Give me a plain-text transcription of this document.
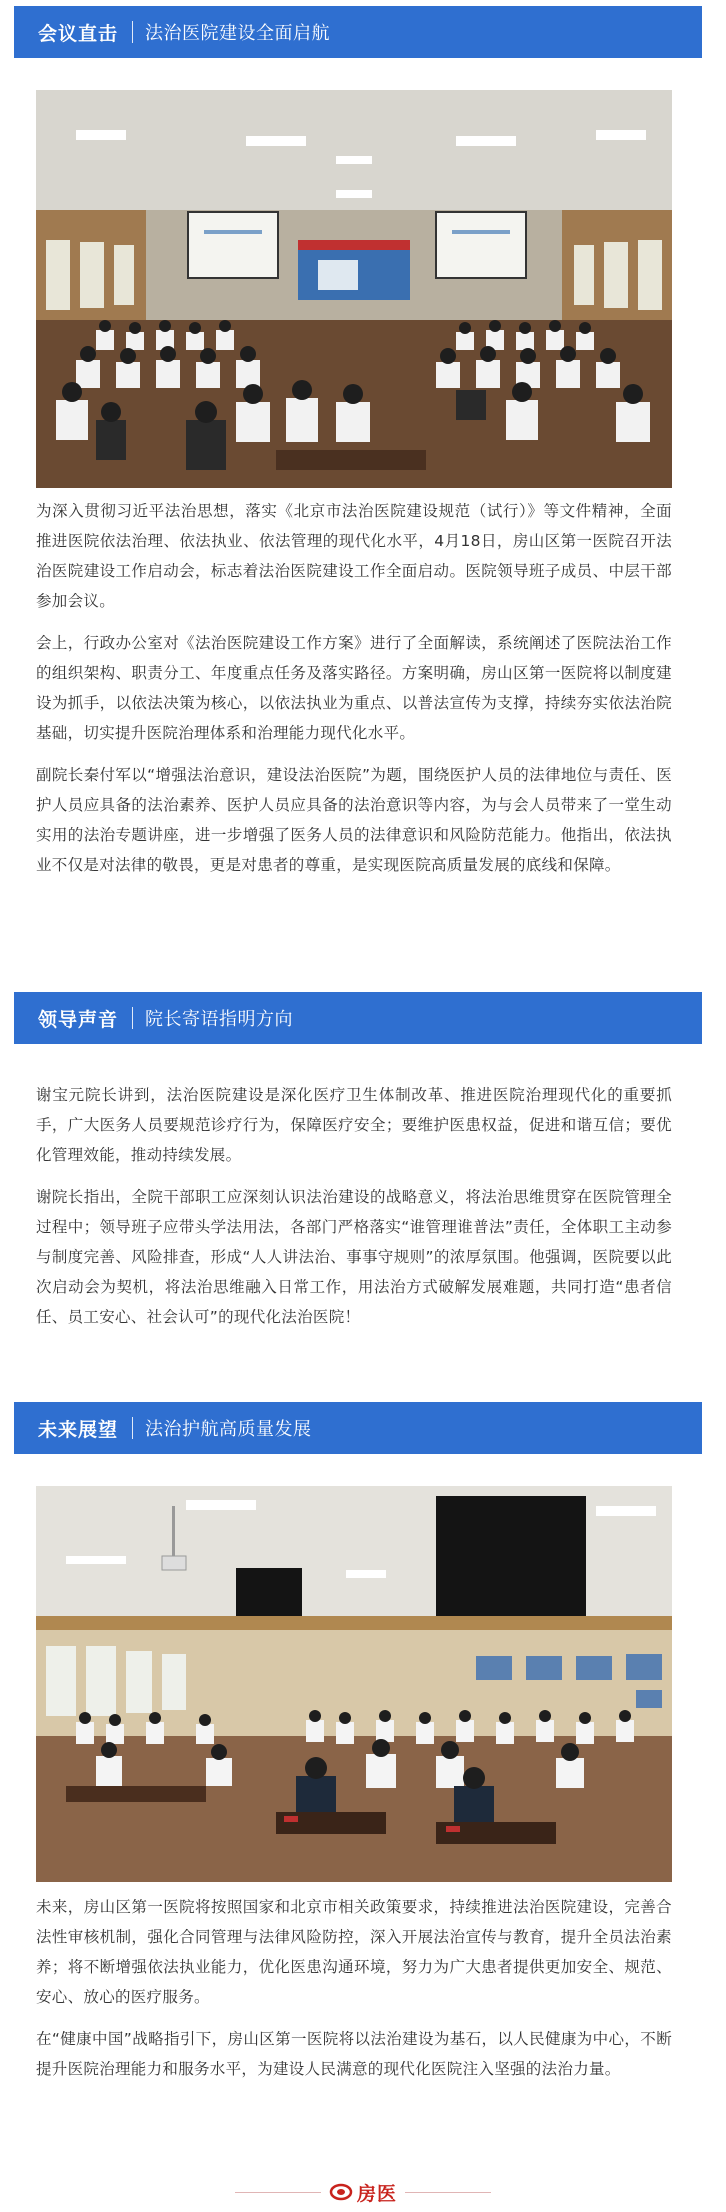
会议直击 法治医院建设全面启航

为深入贯彻习近平法治思想，落实《北京市法治医院建设规范（试行）》等文件精神，全面推进医院依法治理、依法执业、依法管理的现代化水平，4月18日，房山区第一医院召开法治医院建设工作启动会，标志着法治医院建设工作全面启动。医院领导班子成员、中层干部参加会议。

会上，行政办公室对《法治医院建设工作方案》进行了全面解读，系统阐述了医院法治工作的组织架构、职责分工、年度重点任务及落实路径。方案明确，房山区第一医院将以制度建设为抓手，以依法决策为核心，以依法执业为重点、以普法宣传为支撑，持续夯实依法治院基础，切实提升医院治理体系和治理能力现代化水平。

副院长秦付军以“增强法治意识，建设法治医院”为题，围绕医护人员的法律地位与责任、医护人员应具备的法治素养、医护人员应具备的法治意识等内容，为与会人员带来了一堂生动实用的法治专题讲座，进一步增强了医务人员的法律意识和风险防范能力。他指出，依法执业不仅是对法律的敬畏，更是对患者的尊重，是实现医院高质量发展的底线和保障。

领导声音 院长寄语指明方向

谢宝元院长讲到，法治医院建设是深化医疗卫生体制改革、推进医院治理现代化的重要抓手，广大医务人员要规范诊疗行为，保障医疗安全；要维护医患权益，促进和谐互信；要优化管理效能，推动持续发展。

谢院长指出，全院干部职工应深刻认识法治建设的战略意义，将法治思维贯穿在医院管理全过程中；领导班子应带头学法用法，各部门严格落实“谁管理谁普法”责任，全体职工主动参与制度完善、风险排查，形成“人人讲法治、事事守规则”的浓厚氛围。他强调，医院要以此次启动会为契机，将法治思维融入日常工作，用法治方式破解发展难题，共同打造“患者信任、员工安心、社会认可”的现代化法治医院！

未来展望 法治护航高质量发展

未来，房山区第一医院将按照国家和北京市相关政策要求，持续推进法治医院建设，完善合法性审核机制，强化合同管理与法律风险防控，深入开展法治宣传与教育，提升全员法治素养；将不断增强依法执业能力，优化医患沟通环境，努力为广大患者提供更加安全、规范、安心、放心的医疗服务。

在“健康中国”战略指引下，房山区第一医院将以法治建设为基石，以人民健康为中心，不断提升医院治理能力和服务水平，为建设人民满意的现代化医院注入坚强的法治力量。

房医
